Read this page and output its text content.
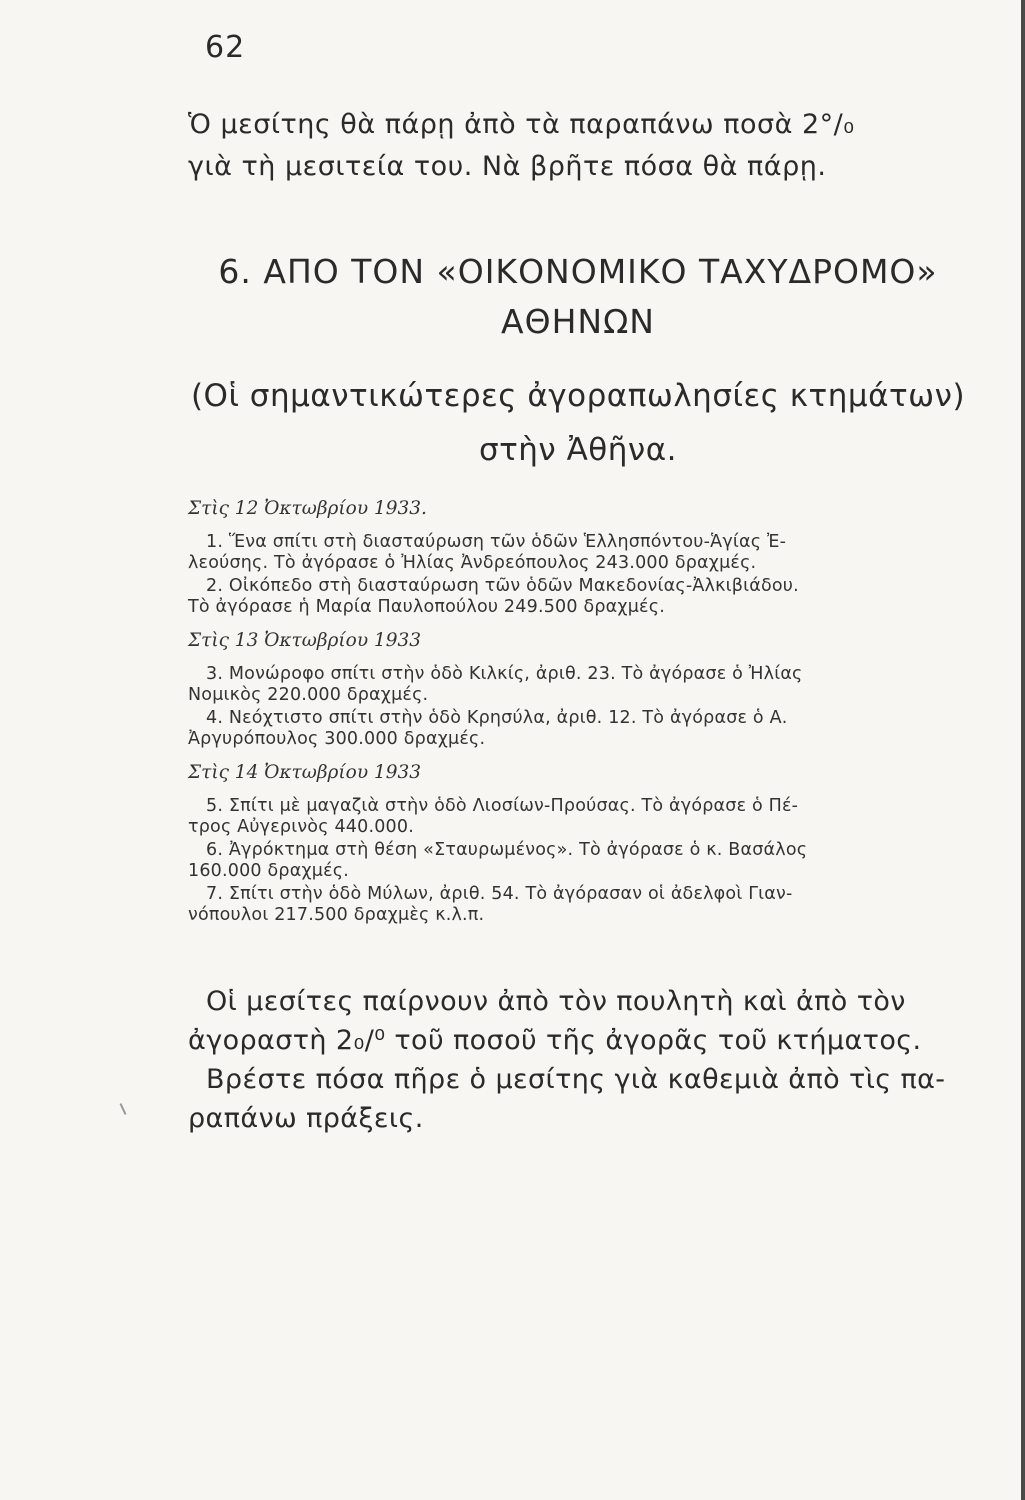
62
Ὁ μεσίτης θὰ πάρῃ ἀπὸ τὰ παραπάνω ποσὰ 2°/₀
γιὰ τὴ μεσιτεία του. Νὰ βρῆτε πόσα θὰ πάρῃ.
6. ΑΠΟ ΤΟΝ «ΟΙΚΟΝΟΜΙΚΟ ΤΑΧΥΔΡΟΜΟ»
ΑΘΗΝΩΝ
(Οἱ σημαντικώτερες ἀγοραπωλησίες κτημάτων)
στὴν Ἀθῆνα.
Στὶς 12 Ὀκτωβρίου 1933.
1. Ἕνα σπίτι στὴ διασταύρωση τῶν ὁδῶν Ἑλλησπόντου-Ἁγίας Ἐ-
λεούσης. Τὸ ἀγόρασε ὁ Ἠλίας Ἀνδρεόπουλος 243.000 δραχμές.
2. Οἰκόπεδο στὴ διασταύρωση τῶν ὁδῶν Μακεδονίας-Ἀλκιβιάδου.
Τὸ ἀγόρασε ἡ Μαρία Παυλοπούλου 249.500 δραχμές.
Στὶς 13 Ὀκτωβρίου 1933
3. Μονώροφο σπίτι στὴν ὁδὸ Κιλκίς, ἀριθ. 23. Τὸ ἀγόρασε ὁ Ἠλίας
Νομικὸς 220.000 δραχμές.
4. Νεόχτιστο σπίτι στὴν ὁδὸ Κρησύλα, ἀριθ. 12. Τὸ ἀγόρασε ὁ Α.
Ἀργυρόπουλος 300.000 δραχμές.
Στὶς 14 Ὀκτωβρίου 1933
5. Σπίτι μὲ μαγαζιὰ στὴν ὁδὸ Λιοσίων-Προύσας. Τὸ ἀγόρασε ὁ Πέ-
τρος Αὐγερινὸς 440.000.
6. Ἀγρόκτημα στὴ θέση «Σταυρωμένος». Τὸ ἀγόρασε ὁ κ. Βασάλος
160.000 δραχμές.
7. Σπίτι στὴν ὁδὸ Μύλων, ἀριθ. 54. Τὸ ἀγόρασαν οἱ ἀδελφοὶ Γιαν-
νόπουλοι 217.500 δραχμὲς κ.λ.π.
Οἱ μεσίτες παίρνουν ἀπὸ τὸν πουλητὴ καὶ ἀπὸ τὸν
ἀγοραστὴ 2₀/⁰ τοῦ ποσοῦ τῆς ἀγορᾶς τοῦ κτήματος.
Βρέστε πόσα πῆρε ὁ μεσίτης γιὰ καθεμιὰ ἀπὸ τὶς πα-
ραπάνω πράξεις.
